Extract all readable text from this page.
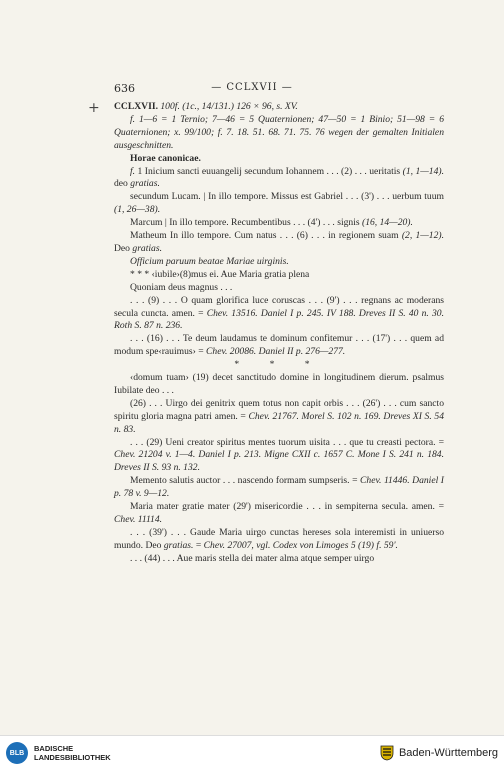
636	— CCLXVII —
+ CCLXVII. 100f. (1c., 14/131.) 126 × 96, s. XV.

f. 1—6 = 1 Ternio; 7—46 = 5 Quaternionen; 47—50 = 1 Binio; 51—98 = 6 Quaternionen; x. 99/100; f. 7. 18. 51. 68. 71. 75. 76 wegen der gemalten Initialen ausgeschnitten.

Horae canonicae.

f. 1 Inicium sancti euuangelij secundum Iohannem . . . (2) . . . ueritatis (1, 1—14). deo gratias.

secundum Lucam. | In illo tempore. Missus est Gabriel . . . (3') . . . uerbum tuum (1, 26—38).

Marcum | In illo tempore. Recumbentibus . . . (4') . . . signis (16, 14—20).

Matheum In illo tempore. Cum natus . . . (6) . . . in regionem suam (2, 1—12). Deo gratias.

Officium paruum beatae Mariae uirginis.

* * * ‹iubile›(8)mus ei. Aue Maria gratia plena

Quoniam deus magnus . . .

. . . (9) . . . O quam glorifica luce coruscas . . . (9') . . . regnans ac moderans secula cuncta. amen. = Chev. 13516. Daniel I p. 245. IV 188. Dreves II S. 40 n. 30. Roth S. 87 n. 236.

. . . (16) . . . Te deum laudamus te dominum confitemur . . . (17') . . . quem ad modum spe‹rauimus› = Chev. 20086. Daniel II p. 276—277.

* * *

‹domum tuam› (19) decet sanctitudo domine in longitudinem dierum. psalmus Iubilate deo . . .

(26) . . . Uirgo dei genitrix quem totus non capit orbis . . . (26') . . . cum sancto spiritu gloria magna patri amen. = Chev. 21767. Morel S. 102 n. 169. Dreves XI S. 54 n. 83.

. . . (29) Ueni creator spiritus mentes tuorum uisita . . . que tu creasti pectora. = Chev. 21204 v. 1—4. Daniel I p. 213. Migne CXII c. 1657 C. Mone I S. 241 n. 184. Dreves II S. 93 n. 132.

Memento salutis auctor . . . nascendo formam sumpseris. = Chev. 11446. Daniel I p. 78 v. 9—12.

Maria mater gratie mater (29') misericordie . . . in sempiterna secula. amen. = Chev. 11114.

. . . (39') . . . Gaude Maria uirgo cunctas hereses sola interemisti in uniuerso mundo. Deo gratias. = Chev. 27007, vgl. Codex von Limoges 5 (19) f. 59'.

. . . (44) . . . Aue maris stella dei mater alma atque semper uirgo

BLB	BADISCHE
LANDESBIBLIOTHEK	Baden-Württemberg
